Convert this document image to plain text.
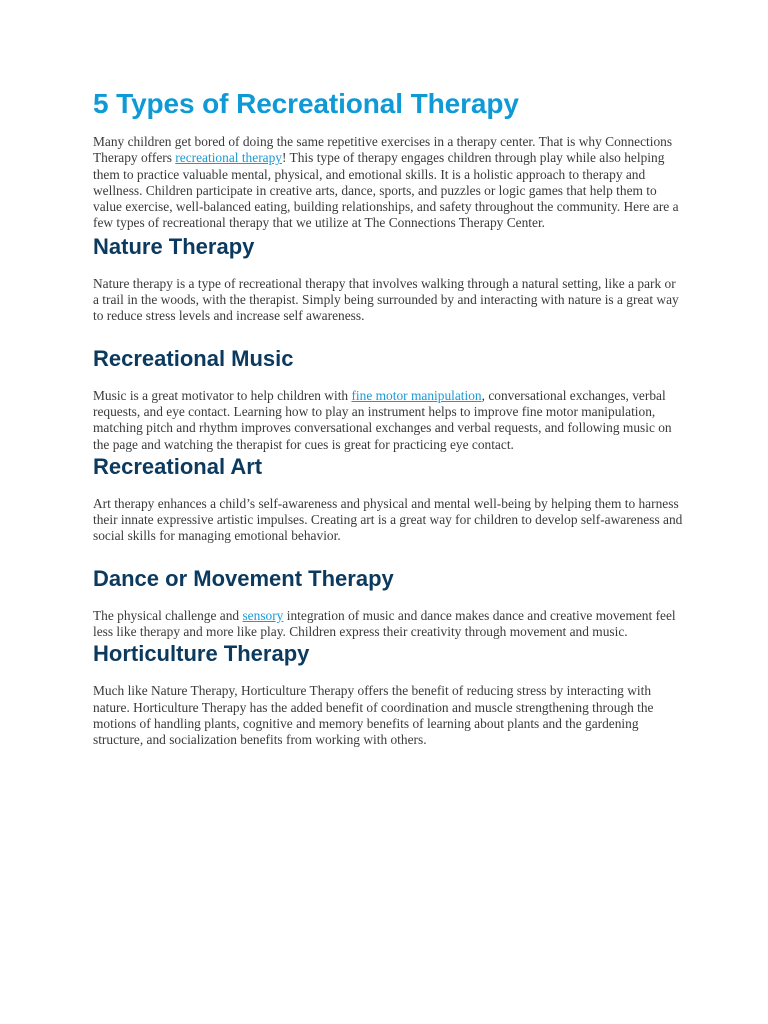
5 Types of Recreational Therapy

Many children get bored of doing the same repetitive exercises in a therapy center. That is why Connections Therapy offers recreational therapy! This type of therapy engages children through play while also helping them to practice valuable mental, physical, and emotional skills. It is a holistic approach to therapy and wellness. Children participate in creative arts, dance, sports, and puzzles or logic games that help them to value exercise, well-balanced eating, building relationships, and safety throughout the community. Here are a few types of recreational therapy that we utilize at The Connections Therapy Center.

Nature Therapy

Nature therapy is a type of recreational therapy that involves walking through a natural setting, like a park or a trail in the woods, with the therapist. Simply being surrounded by and interacting with nature is a great way to reduce stress levels and increase self awareness.

Recreational Music

Music is a great motivator to help children with fine motor manipulation, conversational exchanges, verbal requests, and eye contact. Learning how to play an instrument helps to improve fine motor manipulation, matching pitch and rhythm improves conversational exchanges and verbal requests, and following music on the page and watching the therapist for cues is great for practicing eye contact.

Recreational Art

Art therapy enhances a child’s self-awareness and physical and mental well-being by helping them to harness their innate expressive artistic impulses. Creating art is a great way for children to develop self-awareness and social skills for managing emotional behavior.

Dance or Movement Therapy

The physical challenge and sensory integration of music and dance makes dance and creative movement feel less like therapy and more like play. Children express their creativity through movement and music.

Horticulture Therapy

Much like Nature Therapy, Horticulture Therapy offers the benefit of reducing stress by interacting with nature. Horticulture Therapy has the added benefit of coordination and muscle strengthening through the motions of handling plants, cognitive and memory benefits of learning about plants and the gardening structure, and socialization benefits from working with others.
